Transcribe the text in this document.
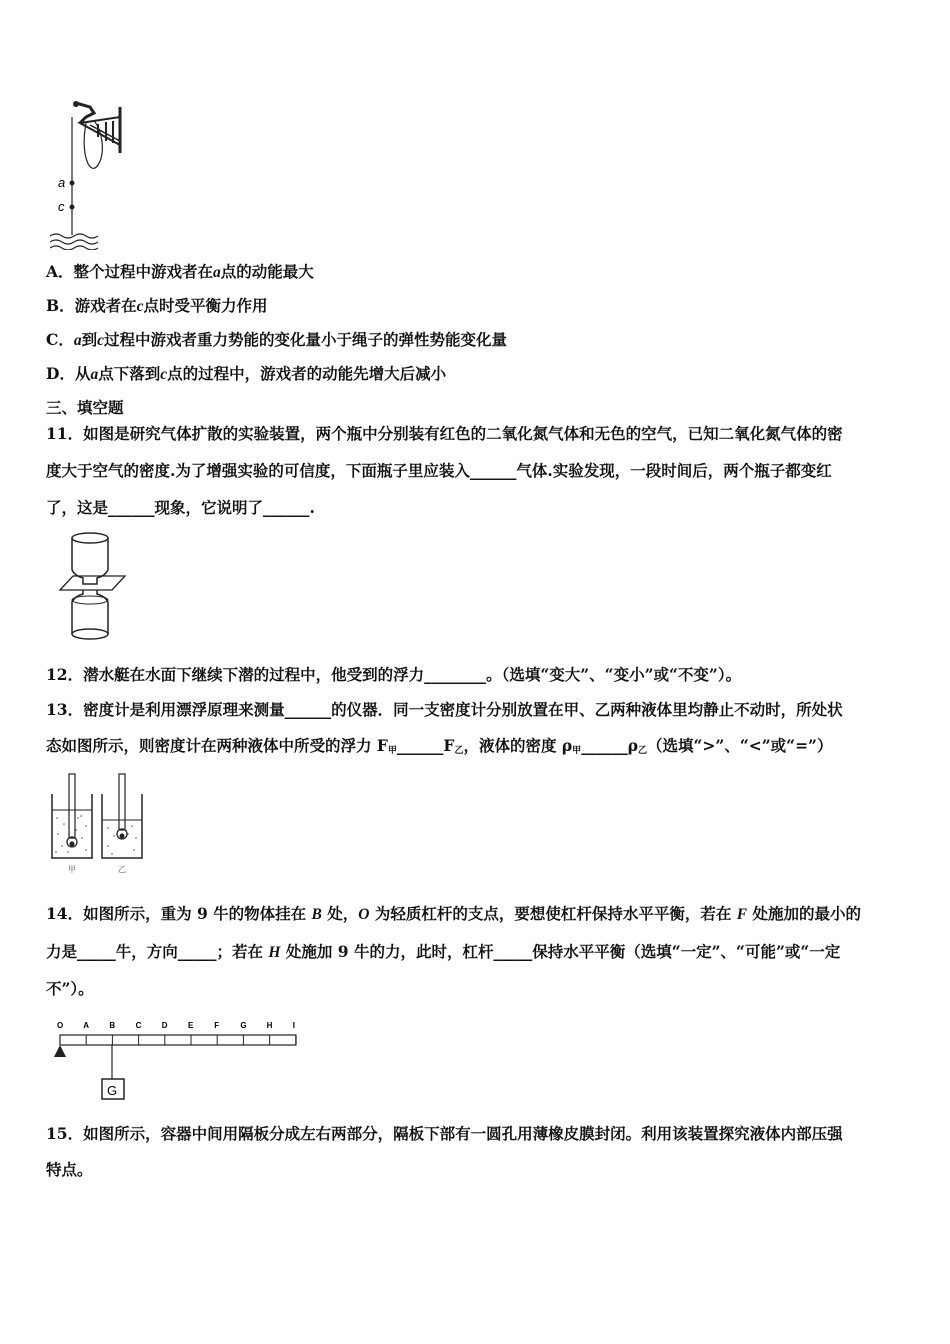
a
c
A．整个过程中游戏者在a点的动能最大
B．游戏者在c点时受平衡力作用
C．a到c过程中游戏者重力势能的变化量小于绳子的弹性势能变化量
D．从a点下落到c点的过程中，游戏者的动能先增大后减小
三、填空题
11．如图是研究气体扩散的实验装置，两个瓶中分别装有红色的二氧化氮气体和无色的空气，已知二氧化氮气体的密
度大于空气的密度.为了增强实验的可信度，下面瓶子里应装入______气体.实验发现，一段时间后，两个瓶子都变红
了，这是______现象，它说明了______.
12．潜水艇在水面下继续下潜的过程中，他受到的浮力________。（选填“变大”、“变小”或“不变”）。
13．密度计是利用漂浮原理来测量______的仪器．同一支密度计分别放置在甲、乙两种液体里均静止不动时，所处状
态如图所示，则密度计在两种液体中所受的浮力 $F_甲\_\_\_\_\_\_F_乙$，液体的密度 $\rho_甲\_\_\_\_\_\_\rho_乙$（选填“>”、“<”或“=”）
甲	乙
14．如图所示，重为 9 牛的物体挂在 B 处，O 为轻质杠杆的支点，要想使杠杆保持水平平衡，若在 F 处施加的最小的
力是_____牛，方向_____；若在 H 处施加 9 牛的力，此时，杠杆_____保持水平平衡（选填“一定”、“可能”或“一定
不”）。
G
O A	B	C	D	E	F	G H	I
15．如图所示，容器中间用隔板分成左右两部分，隔板下部有一圆孔用薄橡皮膜封闭。利用该装置探究液体内部压强
特点。
